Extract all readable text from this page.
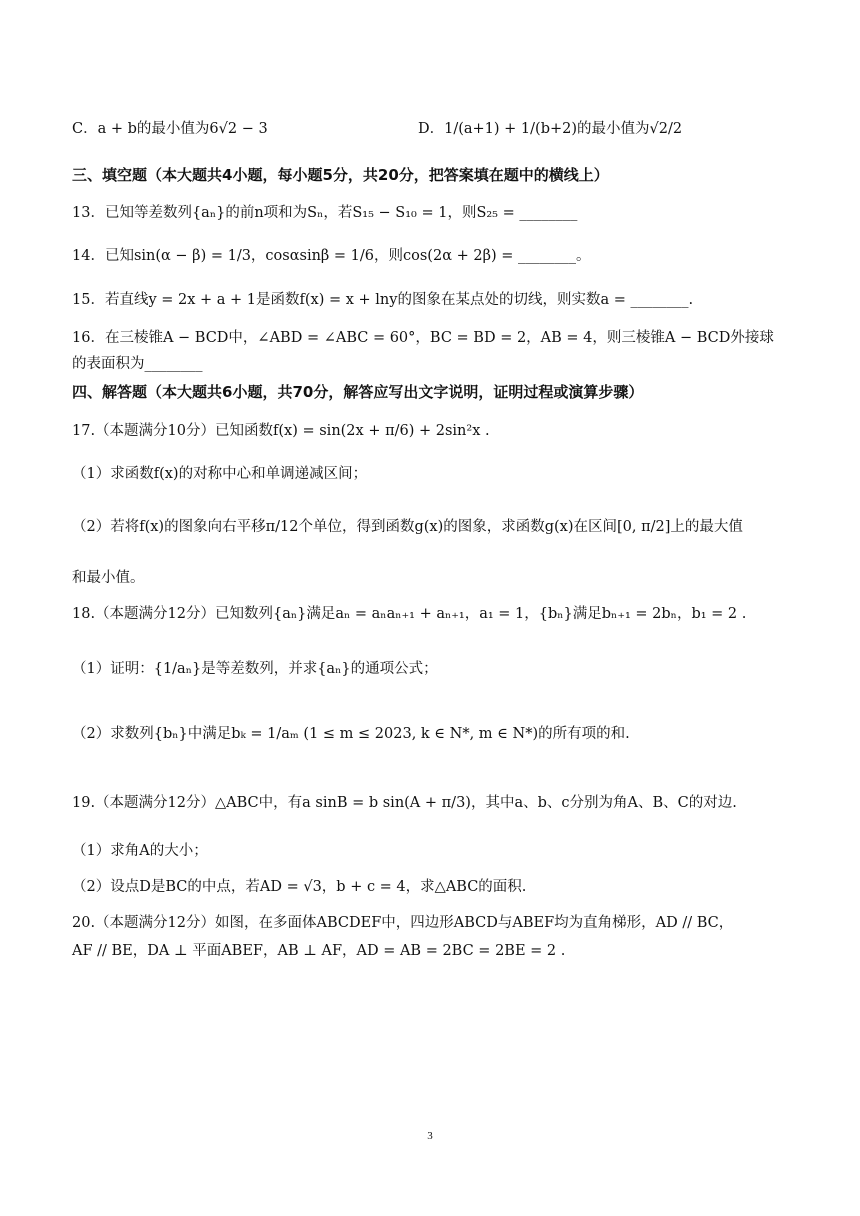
C．a + b的最小值为6√2 − 3	D．1/(a+1) + 1/(b+2)的最小值为√2/2
三、填空题（本大题共4小题，每小题5分，共20分，把答案填在题中的横线上）
13．已知等差数列{aₙ}的前n项和为Sₙ，若S₁₅ − S₁₀ = 1，则S₂₅ = ________
14．已知sin(α − β) = 1/3，cosαsinβ = 1/6，则cos(2α + 2β) = ________。
15．若直线y = 2x + a + 1是函数f(x) = x + lny的图象在某点处的切线，则实数a = ________.
16．在三棱锥A − BCD中，∠ABD = ∠ABC = 60°，BC = BD = 2，AB = 4，则三棱锥A − BCD外接球
的表面积为________
四、解答题（本大题共6小题，共70分，解答应写出文字说明，证明过程或演算步骤）
17.（本题满分10分）已知函数f(x) = sin(2x + π/6) + 2sin²x .
（1）求函数f(x)的对称中心和单调递减区间；
（2）若将f(x)的图象向右平移π/12个单位，得到函数g(x)的图象，求函数g(x)在区间[0, π/2]上的最大值
和最小值。
18.（本题满分12分）已知数列{aₙ}满足aₙ = aₙaₙ₊₁ + aₙ₊₁，a₁ = 1，{bₙ}满足bₙ₊₁ = 2bₙ，b₁ = 2 .
（1）证明：{1/aₙ}是等差数列，并求{aₙ}的通项公式；
（2）求数列{bₙ}中满足bₖ = 1/aₘ (1 ≤ m ≤ 2023, k ∈ N*, m ∈ N*)的所有项的和.
19.（本题满分12分）△ABC中，有a sinB = b sin(A + π/3)，其中a、b、c分别为角A、B、C的对边.
（1）求角A的大小；
（2）设点D是BC的中点，若AD = √3，b + c = 4，求△ABC的面积.
20.（本题满分12分）如图，在多面体ABCDEF中，四边形ABCD与ABEF均为直角梯形，AD // BC，
AF // BE，DA ⊥ 平面ABEF，AB ⊥ AF，AD = AB = 2BC = 2BE = 2 .
3
